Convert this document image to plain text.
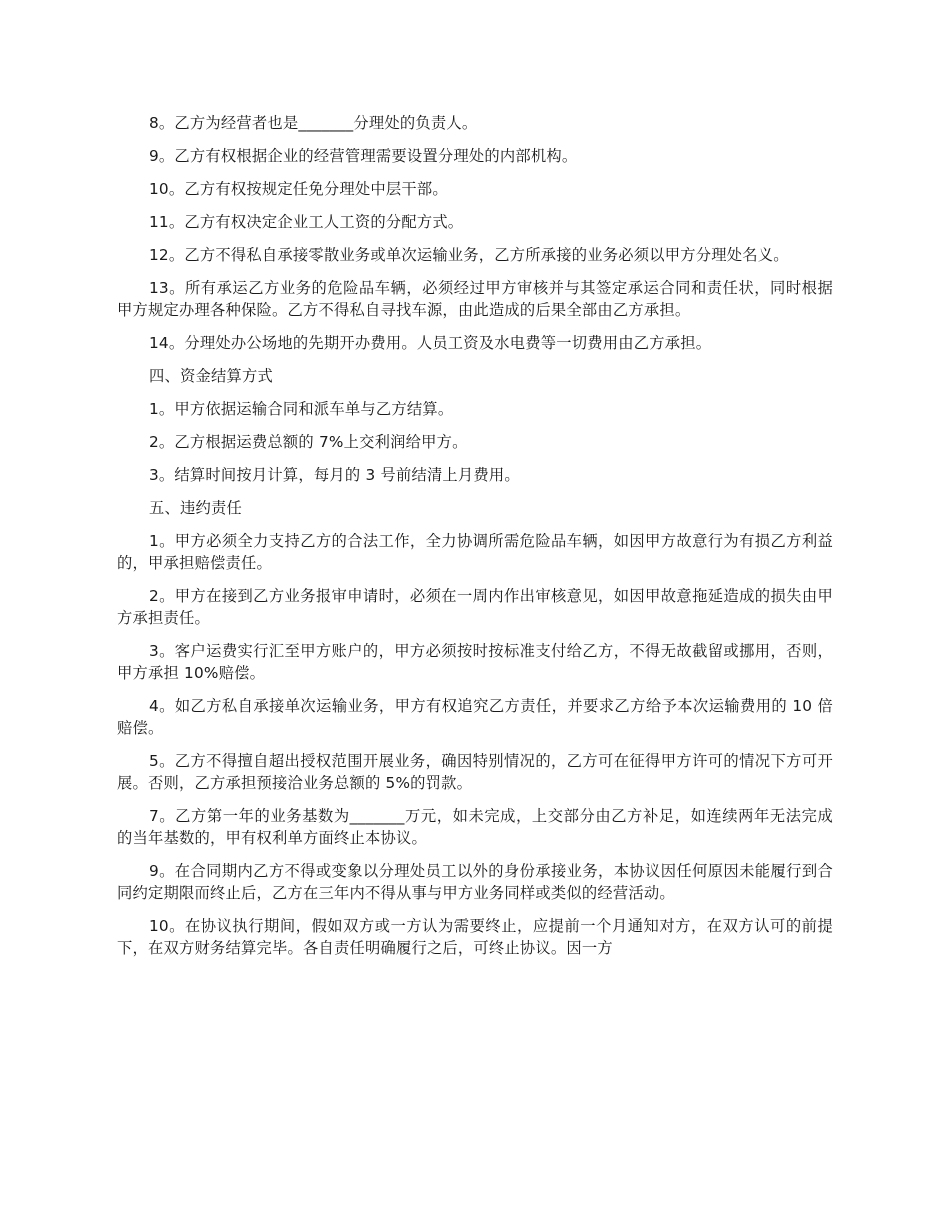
8。乙方为经营者也是_______分理处的负责人。

9。乙方有权根据企业的经营管理需要设置分理处的内部机构。

10。乙方有权按规定任免分理处中层干部。

11。乙方有权决定企业工人工资的分配方式。

12。乙方不得私自承接零散业务或单次运输业务，乙方所承接的业务必须以甲方分理处名义。

13。所有承运乙方业务的危险品车辆，必须经过甲方审核并与其签定承运合同和责任状，同时根据甲方规定办理各种保险。乙方不得私自寻找车源，由此造成的后果全部由乙方承担。

14。分理处办公场地的先期开办费用。人员工资及水电费等一切费用由乙方承担。

四、资金结算方式

1。甲方依据运输合同和派车单与乙方结算。

2。乙方根据运费总额的 7%上交利润给甲方。

3。结算时间按月计算，每月的 3 号前结清上月费用。

五、违约责任

1。甲方必须全力支持乙方的合法工作，全力协调所需危险品车辆，如因甲方故意行为有损乙方利益的，甲承担赔偿责任。

2。甲方在接到乙方业务报审申请时，必须在一周内作出审核意见，如因甲故意拖延造成的损失由甲方承担责任。

3。客户运费实行汇至甲方账户的，甲方必须按时按标准支付给乙方，不得无故截留或挪用，否则，甲方承担 10%赔偿。

4。如乙方私自承接单次运输业务，甲方有权追究乙方责任，并要求乙方给予本次运输费用的 10 倍赔偿。

5。乙方不得擅自超出授权范围开展业务，确因特别情况的，乙方可在征得甲方许可的情况下方可开展。否则，乙方承担预接洽业务总额的 5%的罚款。

7。乙方第一年的业务基数为_______万元，如未完成，上交部分由乙方补足，如连续两年无法完成的当年基数的，甲有权利单方面终止本协议。

9。在合同期内乙方不得或变象以分理处员工以外的身份承接业务，本协议因任何原因未能履行到合同约定期限而终止后，乙方在三年内不得从事与甲方业务同样或类似的经营活动。

10。在协议执行期间，假如双方或一方认为需要终止，应提前一个月通知对方，在双方认可的前提下，在双方财务结算完毕。各自责任明确履行之后，可终止协议。因一方
